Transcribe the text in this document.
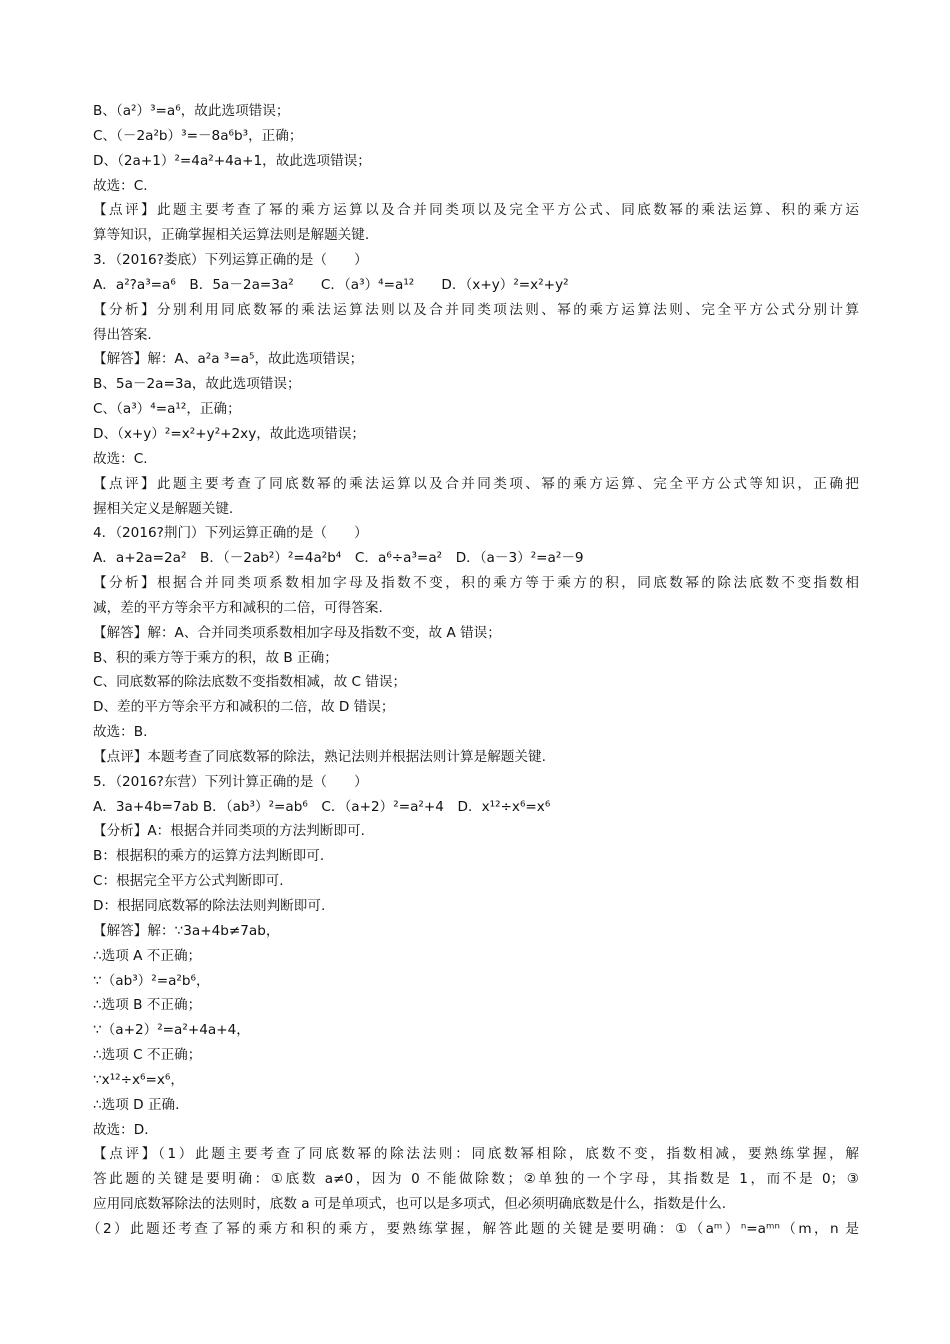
B、（a²）³=a⁶，故此选项错误；
C、（－2a²b）³=－8a⁶b³，正确；
D、（2a+1）²=4a²+4a+1，故此选项错误；
故选：C.
【点评】此题主要考查了幂的乘方运算以及合并同类项以及完全平方公式、同底数幂的乘法运算、积的乘方运
算等知识，正确掌握相关运算法则是解题关键.
3．（2016?娄底）下列运算正确的是（　　）
A．a²?a³=a⁶　B．5a－2a=3a²　　C．（a³）⁴=a¹²　　D．（x+y）²=x²+y²
【分析】分别利用同底数幂的乘法运算法则以及合并同类项法则、幂的乘方运算法则、完全平方公式分别计算
得出答案.
【解答】解：A、a²a ³=a⁵，故此选项错误；
B、5a－2a=3a，故此选项错误；
C、（a³）⁴=a¹²，正确；
D、（x+y）²=x²+y²+2xy，故此选项错误；
故选：C.
【点评】此题主要考查了同底数幂的乘法运算以及合并同类项、幂的乘方运算、完全平方公式等知识，正确把
握相关定义是解题关键.
4．（2016?荆门）下列运算正确的是（　　）
A．a+2a=2a²　B．（－2ab²）²=4a²b⁴　C．a⁶÷a³=a²　D．（a－3）²=a²－9
【分析】根据合并同类项系数相加字母及指数不变，积的乘方等于乘方的积，同底数幂的除法底数不变指数相
减，差的平方等余平方和减积的二倍，可得答案.
【解答】解：A、合并同类项系数相加字母及指数不变，故 A 错误；
B、积的乘方等于乘方的积，故 B 正确；
C、同底数幂的除法底数不变指数相减，故 C 错误；
D、差的平方等余平方和减积的二倍，故 D 错误；
故选：B.
【点评】本题考查了同底数幂的除法，熟记法则并根据法则计算是解题关键.
5．（2016?东营）下列计算正确的是（　　）
A．3a+4b=7ab B．（ab³）²=ab⁶　C．（a+2）²=a²+4　D．x¹²÷x⁶=x⁶
【分析】A：根据合并同类项的方法判断即可.
B：根据积的乘方的运算方法判断即可.
C：根据完全平方公式判断即可.
D：根据同底数幂的除法法则判断即可.
【解答】解：∵3a+4b≠7ab，
∴选项 A 不正确；
∵（ab³）²=a²b⁶，
∴选项 B 不正确；
∵（a+2）²=a²+4a+4，
∴选项 C 不正确；
∵x¹²÷x⁶=x⁶，
∴选项 D 正确.
故选：D.
【点评】（1）此题主要考查了同底数幂的除法法则：同底数幂相除，底数不变，指数相减，要熟练掌握，解
答此题的关键是要明确：①底数 a≠0，因为 0 不能做除数；②单独的一个字母，其指数是 1，而不是 0；③
应用同底数幂除法的法则时，底数 a 可是单项式，也可以是多项式，但必须明确底数是什么，指数是什么.
（2）此题还考查了幂的乘方和积的乘方，要熟练掌握，解答此题的关键是要明确：①（aᵐ）ⁿ=aᵐⁿ（m，n 是
